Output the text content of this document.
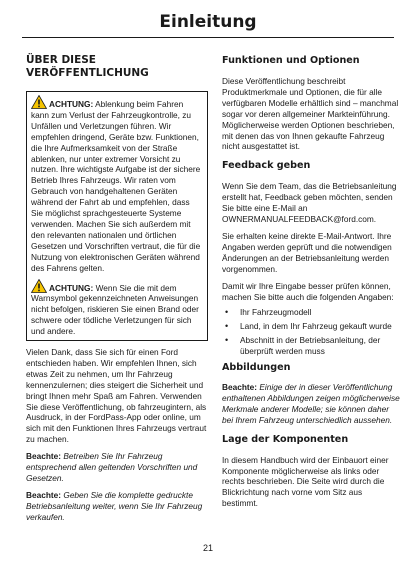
Einleitung
ÜBER DIESE VERÖFFENTLICHUNG

ACHTUNG: Ablenkung beim Fahren kann zum Verlust der Fahrzeugkontrolle, zu Unfällen und Verletzungen führen. Wir empfehlen dringend, Geräte bzw. Funktionen, die Ihre Aufmerksamkeit von der Straße ablenken, nur unter extremer Vorsicht zu nutzen. Ihre wichtigste Aufgabe ist der sichere Betrieb Ihres Fahrzeugs. Wir raten vom Gebrauch von handgehaltenen Geräten während der Fahrt ab und empfehlen, dass Sie möglichst sprachgesteuerte Systeme verwenden. Machen Sie sich außerdem mit den relevanten nationalen und örtlichen Gesetzen und Vorschriften vertraut, die für die Nutzung von elektronischen Geräten während des Fahrens gelten.

ACHTUNG: Wenn Sie die mit dem Warnsymbol gekennzeichneten Anweisungen nicht befolgen, riskieren Sie einen Brand oder schwere oder tödliche Verletzungen für sich und andere.

Vielen Dank, dass Sie sich für einen Ford entschieden haben. Wir empfehlen Ihnen, sich etwas Zeit zu nehmen, um Ihr Fahrzeug kennenzulernen; dies steigert die Sicherheit und bringt Ihnen mehr Spaß am Fahren. Verwenden Sie diese Veröffentlichung, ob fahrzeugintern, als Ausdruck, in der FordPass-App oder online, um sich mit den Funktionen Ihres Fahrzeugs vertraut zu machen.

Beachte: Betreiben Sie Ihr Fahrzeug entsprechend allen geltenden Vorschriften und Gesetzen.

Beachte: Geben Sie die komplette gedruckte Betriebsanleitung weiter, wenn Sie Ihr Fahrzeug verkaufen.

Funktionen und Optionen

Diese Veröffentlichung beschreibt Produktmerkmale und Optionen, die für alle verfügbaren Modelle erhältlich sind – manchmal sogar vor deren allgemeiner Markteinführung. Möglicherweise werden Optionen beschrieben, mit denen das von Ihnen gekaufte Fahrzeug nicht ausgestattet ist.

Feedback geben

Wenn Sie dem Team, das die Betriebsanleitung erstellt hat, Feedback geben möchten, senden Sie bitte eine E-Mail an
OWNERMANUALFEEDBACK@ford.com.

Sie erhalten keine direkte E-Mail-Antwort. Ihre Angaben werden geprüft und die notwendigen Änderungen an der Betriebsanleitung werden vorgenommen.

Damit wir Ihre Eingabe besser prüfen können, machen Sie bitte auch die folgenden Angaben:

• Ihr Fahrzeugmodell
• Land, in dem Ihr Fahrzeug gekauft wurde
• Abschnitt in der Betriebsanleitung, der überprüft werden muss
Abbildungen

Beachte: Einige der in dieser Veröffentlichung enthaltenen Abbildungen zeigen möglicherweise Merkmale anderer Modelle; sie können daher bei Ihrem Fahrzeug unterschiedlich aussehen.

Lage der Komponenten

In diesem Handbuch wird der Einbauort einer Komponente möglicherweise als links oder rechts beschrieben. Die Seite wird durch die Blickrichtung nach vorne vom Sitz aus bestimmt.

21
